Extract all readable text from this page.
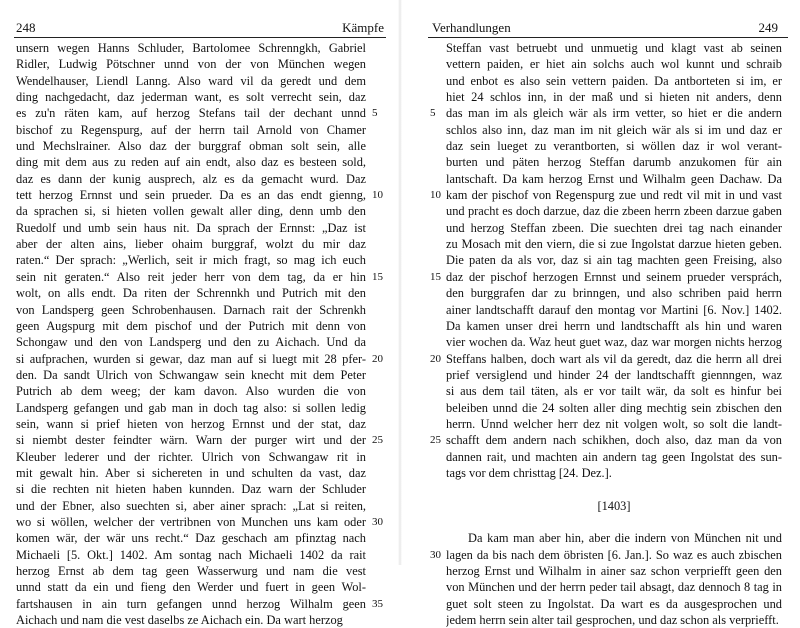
248	Kämpfe
unsern wegen Hanns Schluder, Bartolomee Schrenngkh, Gabriel
Ridler, Ludwig Pötschner unnd von der von München wegen
Wendelhauser, Liendl Lanng. Also ward vil da geredt und dem
ding nachgedacht, daz jederman want, es solt verrecht sein, daz
es zu'n räten kam, auf herzog Stefans tail der dechant unnd
bischof zu Regenspurg, auf der herrn tail Arnold von Chamer
und Mechslrainer. Also daz der burggraf obman solt sein, alle
ding mit dem aus zu reden auf ain endt, also daz es besteen sold,
daz es dann der kunig ausprech, alz es da gemacht wurd. Daz
tett herzog Ernnst und sein prueder. Da es an das endt gienng,
da sprachen si, si hieten vollen gewalt aller ding, denn umb den
Ruedolf und umb sein haus nit. Da sprach der Ernnst: „Daz ist
aber der alten ains, lieber ohaim burggraf, wolzt du mir daz
raten.“ Der sprach: „Werlich, seit ir mich fragt, so mag ich euch
sein nit geraten.“ Also reit jeder herr von dem tag, da er hin
wolt, on alls endt. Da riten der Schrennkh und Putrich mit den
von Landsperg geen Schrobenhausen. Darnach rait der Schrenkh
geen Augspurg mit dem pischof und der Putrich mit denn von
Schongaw und den von Landsperg und den zu Aichach. Und da
si aufprachen, wurden si gewar, daz man auf si luegt mit 28 pfer-
den. Da sandt Ulrich von Schwangaw sein knecht mit dem Peter
Putrich ab dem weeg; der kam davon. Also wurden die von
Landsperg gefangen und gab man in doch tag also: si sollen ledig
sein, wann si prief hieten von herzog Ernnst und der stat, daz
si niembt dester feindter wärn. Warn der purger wirt und der
Kleuber lederer und der richter. Ulrich von Schwangaw rit in
mit gewalt hin. Aber si sichereten in und schulten da vast, daz
si die rechten nit hieten haben kunnden. Daz warn der Schluder
und der Ebner, also suechten si, aber ainer sprach: „Lat si reiten,
wo si wöllen, welcher der vertribnen von Munchen uns kam oder
komen wär, der wär uns recht.“ Daz geschach am pfinztag nach
Michaeli [5. Okt.] 1402. Am sontag nach Michaeli 1402 da rait
herzog Ernst ab dem tag geen Wasserwurg und nam die vest
unnd statt da ein und fieng den Werder und fuert in geen Wol-
fartshausen in ain turn gefangen unnd herzog Wilhalm geen
Aichach und nam die vest daselbs ze Aichach ein. Da wart herzog
5
10
15
20
25
30
35
Verhandlungen	249
Steffan vast betruebt und unmuetig und klagt vast ab seinen
vettern paiden, er hiet ain solchs auch wol kunnt und schraib
und enbot es also sein vettern paiden. Da antborteten si im, er
hiet 24 schlos inn, in der maß und si hieten nit anders, denn
das man im als gleich wär als irm vetter, so hiet er die andern
schlos also inn, daz man im nit gleich wär als si im und daz er
daz sein lueget zu verantborten, si wöllen daz ir wol verant-
burten und päten herzog Steffan darumb anzukomen für ain
lantschaft. Da kam herzog Ernst und Wilhalm geen Dachaw. Da
kam der pischof von Regenspurg zue und redt vil mit in und vast
und pracht es doch darzue, daz die zbeen herrn zbeen darzue gaben
und herzog Steffan zbeen. Die suechten drei tag nach einander
zu Mosach mit den viern, die si zue Ingolstat darzue hieten geben.
Die paten da als vor, daz si ain tag machten geen Freising, also
daz der pischof herzogen Ernnst und seinem prueder versprách,
den burggrafen dar zu brinngen, und also schriben paid herrn
ainer landtschafft darauf den montag vor Martini [6. Nov.] 1402.
Da kamen unser drei herrn und landtschafft als hin und waren
vier wochen da. Waz heut guet waz, daz war morgen nichts herzog
Steffans halben, doch wart als vil da geredt, daz die herrn all drei
prief versiglend und hinder 24 der landtschafft giennngen, waz
si aus dem tail täten, als er vor tailt wär, da solt es hinfur bei
beleiben unnd die 24 solten aller ding mechtig sein zbischen den
herrn. Unnd welcher herr dez nit volgen wolt, so solt die landt-
schafft dem andern nach schikhen, doch also, daz man da von
dannen rait, und machten ain andern tag geen Ingolstat des sun-
tags vor dem christtag [24. Dez.].
[1403]
Da kam man aber hin, aber die indern von München nit und
lagen da bis nach dem öbristen [6. Jan.]. So waz es auch zbischen
herzog Ernst und Wilhalm in ainer saz schon verpriefft geen den
von München und der herrn peder tail absagt, daz dennoch 8 tag in
guet solt steen zu Ingolstat. Da wart es da ausgesprochen und
jedem herrn sein alter tail gesprochen, und daz schon als verpriefft.
5
10
15
20
25
30
